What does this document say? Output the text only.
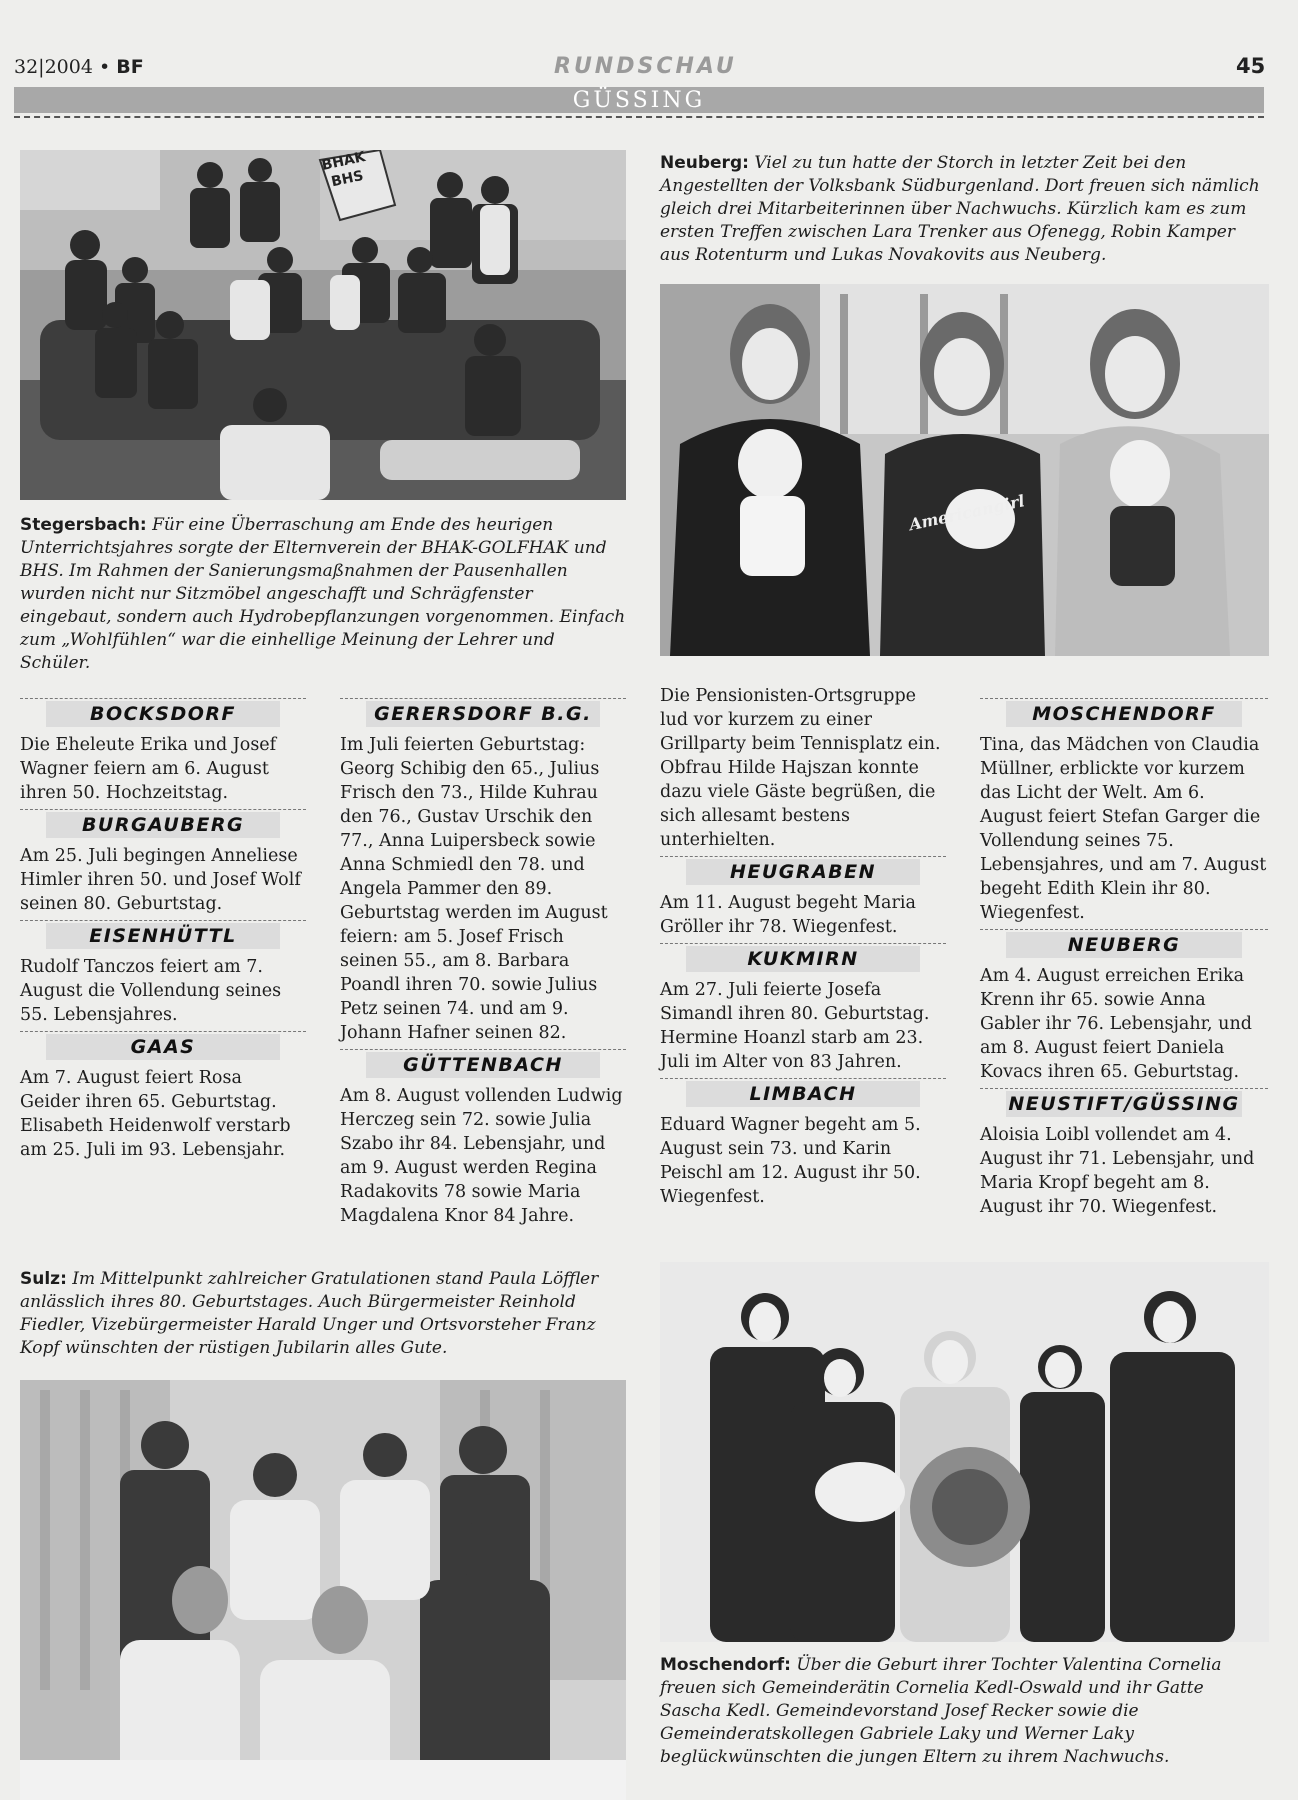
32|2004 • BF	RUNDSCHAU	45
GÜSSING
BHAK BHS
Stegersbach: Für eine Überraschung am Ende des heurigen Unterrichtsjahres sorgte der Elternverein der BHAK-GOLFHAK und BHS. Im Rahmen der Sanierungsmaßnahmen der Pausenhallen wurden nicht nur Sitzmöbel angeschafft und Schrägfenster eingebaut, sondern auch Hydrobepflanzungen vorgenommen. Einfach zum „Wohlfühlen“ war die einhellige Meinung der Lehrer und Schüler.
Neuberg: Viel zu tun hatte der Storch in letzter Zeit bei den Angestellten der Volksbank Südburgenland. Dort freuen sich nämlich gleich drei Mitarbeiterinnen über Nachwuchs. Kürzlich kam es zum ersten Treffen zwischen Lara Trenker aus Ofenegg, Robin Kamper aus Rotenturm und Lukas Novakovits aus Neuberg.
Americangirl
BOCKSDORF

Die Eheleute Erika und Josef Wagner feiern am 6. August ihren 50. Hochzeitstag.

BURGAUBERG

Am 25. Juli begingen Anneliese Himler ihren 50. und Josef Wolf seinen 80. Geburtstag.

EISENHÜTTL

Rudolf Tanczos feiert am 7. August die Vollendung seines 55. Lebensjahres.

GAAS

Am 7. August feiert Rosa Geider ihren 65. Geburtstag. Elisabeth Heidenwolf verstarb am 25. Juli im 93. Lebensjahr.

GERERSDORF B.G.

Im Juli feierten Geburtstag: Georg Schibig den 65., Julius Frisch den 73., Hilde Kuhrau den 76., Gustav Urschik den 77., Anna Luipersbeck sowie Anna Schmiedl den 78. und Angela Pammer den 89. Geburtstag werden im August feiern: am 5. Josef Frisch seinen 55., am 8. Barbara Poandl ihren 70. sowie Julius Petz seinen 74. und am 9. Johann Hafner seinen 82.

GÜTTENBACH

Am 8. August vollenden Ludwig Herczeg sein 72. sowie Julia Szabo ihr 84. Lebensjahr, und am 9. August werden Regina Radakovits 78 sowie Maria Magdalena Knor 84 Jahre.

Die Pensionisten-Ortsgruppe lud vor kurzem zu einer Grillparty beim Tennisplatz ein. Obfrau Hilde Hajszan konnte dazu viele Gäste begrüßen, die sich allesamt bestens unterhielten.

HEUGRABEN

Am 11. August begeht Maria Gröller ihr 78. Wiegenfest.

KUKMIRN

Am 27. Juli feierte Josefa Simandl ihren 80. Geburtstag. Hermine Hoanzl starb am 23. Juli im Alter von 83 Jahren.

LIMBACH

Eduard Wagner begeht am 5. August sein 73. und Karin Peischl am 12. August ihr 50. Wiegenfest.

MOSCHENDORF

Tina, das Mädchen von Claudia Müllner, erblickte vor kurzem das Licht der Welt. Am 6. August feiert Stefan Garger die Vollendung seines 75. Lebensjahres, und am 7. August begeht Edith Klein ihr 80. Wiegenfest.

NEUBERG

Am 4. August erreichen Erika Krenn ihr 65. sowie Anna Gabler ihr 76. Lebensjahr, und am 8. August feiert Daniela Kovacs ihren 65. Geburtstag.

NEUSTIFT/GÜSSING

Aloisia Loibl vollendet am 4. August ihr 71. Lebensjahr, und Maria Kropf begeht am 8. August ihr 70. Wiegenfest.

Sulz: Im Mittelpunkt zahlreicher Gratulationen stand Paula Löffler anlässlich ihres 80. Geburtstages. Auch Bürgermeister Reinhold Fiedler, Vizebürgermeister Harald Unger und Ortsvorsteher Franz Kopf wünschten der rüstigen Jubilarin alles Gute.
Moschendorf: Über die Geburt ihrer Tochter Valentina Cornelia freuen sich Gemeinderätin Cornelia Kedl-Oswald und ihr Gatte Sascha Kedl. Gemeindevorstand Josef Recker sowie die Gemeinderatskollegen Gabriele Laky und Werner Laky beglückwünschten die jungen Eltern zu ihrem Nachwuchs.
